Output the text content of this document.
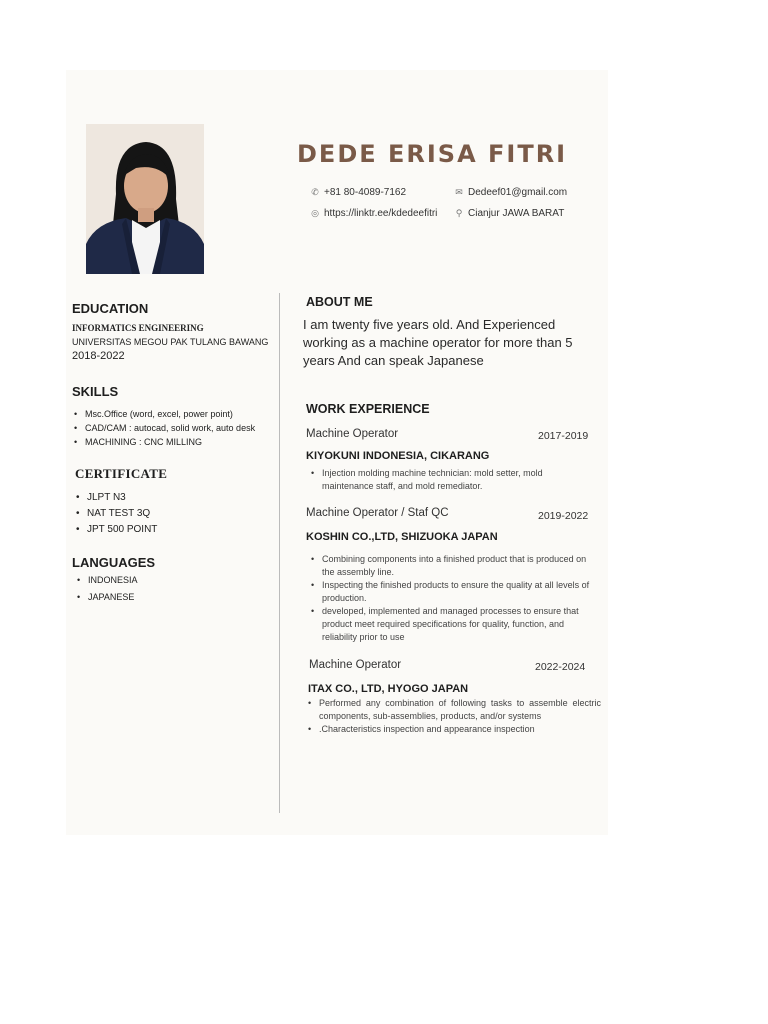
DEDE ERISA FITRI
✆ +81 80-4089-7162	✉ Dedeef01@gmail.com
◎ https://linktr.ee/kdedeefitri ⚲ Cianjur JAWA BARAT
EDUCATION
INFORMATICS ENGINEERING
UNIVERSITAS MEGOU PAK TULANG BAWANG
2018-2022
SKILLS
• Msc.Office (word, excel, power point)
• CAD/CAM : autocad, solid work, auto desk
• MACHINING : CNC MILLING
CERTIFICATE
• JLPT N3
• NAT TEST 3Q
• JPT 500 POINT
LANGUAGES
• INDONESIA
• JAPANESE
ABOUT ME
I am twenty five years old. And Experienced working as a machine operator for more than 5 years And can speak Japanese
WORK EXPERIENCE
Machine Operator	2017-2019
KIYOKUNI INDONESIA, CIKARANG
• Injection molding machine technician: mold setter, mold maintenance staff, and mold remediator.
Machine Operator / Staf QC	2019-2022
KOSHIN CO.,LTD, SHIZUOKA JAPAN
• Combining components into a finished product that is produced on the assembly line.
• Inspecting the finished products to ensure the quality at all levels of production.
• developed, implemented and managed processes to ensure that product meet required specifications for quality, function, and reliability prior to use
Machine Operator	2022-2024
ITAX CO., LTD, HYOGO JAPAN
• Performed any combination of following tasks to assemble electric components, sub-assemblies, products, and/or systems
• .Characteristics inspection and appearance inspection
